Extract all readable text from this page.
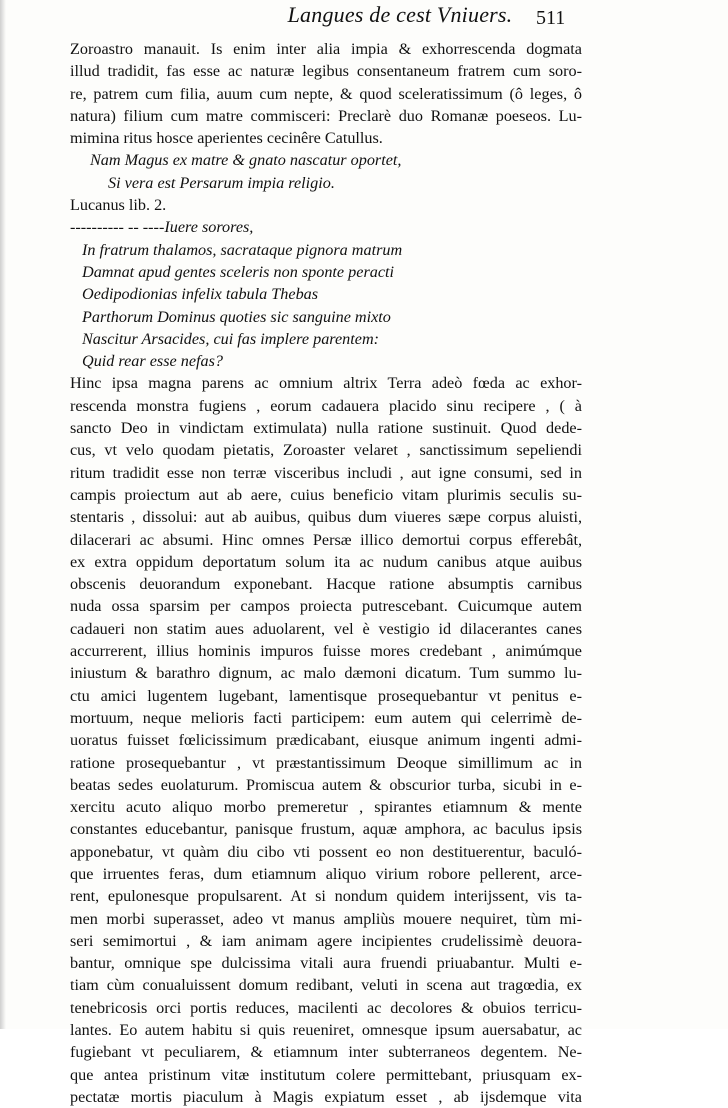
Langues de cest Vniuers.	511
Zoroastro manauit. Is enim inter alia impia & exhorrescenda dogmata
illud tradidit, fas esse ac naturæ legibus consentaneum fratrem cum soro-
re, patrem cum filia, auum cum nepte, & quod sceleratissimum (ô leges, ô
natura) filium cum matre commisceri: Preclarè duo Romanæ poeseos. Lu-
mimina ritus hosce aperientes cecinêre Catullus.
Nam Magus ex matre & gnato nascatur oportet,
Si vera est Persarum impia religio.
Lucanus lib. 2.
---------- -- ----Iuere sorores,
In fratrum thalamos, sacrataque pignora matrum
Damnat apud gentes sceleris non sponte peracti
Oedipodionias infelix tabula Thebas
Parthorum Dominus quoties sic sanguine mixto
Nascitur Arsacides, cui fas implere parentem:
Quid rear esse nefas?
Hinc ipsa magna parens ac omnium altrix Terra adeò fœda ac exhor-
rescenda monstra fugiens , eorum cadauera placido sinu recipere , ( à
sancto Deo in vindictam extimulata) nulla ratione sustinuit. Quod dede-
cus, vt velo quodam pietatis, Zoroaster velaret , sanctissimum sepeliendi
ritum tradidit esse non terræ visceribus includi , aut igne consumi, sed in
campis proiectum aut ab aere, cuius beneficio vitam plurimis seculis su-
stentaris , dissolui: aut ab auibus, quibus dum viueres sæpe corpus aluisti,
dilacerari ac absumi. Hinc omnes Persæ illico demortui corpus efferebât,
ex extra oppidum deportatum solum ita ac nudum canibus atque auibus
obscenis deuorandum exponebant. Hacque ratione absumptis carnibus
nuda ossa sparsim per campos proiecta putrescebant. Cuicumque autem
cadaueri non statim aues aduolarent, vel è vestigio id dilacerantes canes
accurrerent, illius hominis impuros fuisse mores credebant , animúmque
iniustum & barathro dignum, ac malo dæmoni dicatum. Tum summo lu-
ctu amici lugentem lugebant, lamentisque prosequebantur vt penitus e-
mortuum, neque melioris facti participem: eum autem qui celerrimè de-
uoratus fuisset fœlicissimum prædicabant, eiusque animum ingenti admi-
ratione prosequebantur , vt præstantissimum Deoque simillimum ac in
beatas sedes euolaturum. Promiscua autem & obscurior turba, sicubi in e-
xercitu acuto aliquo morbo premeretur , spirantes etiamnum & mente
constantes educebantur, panisque frustum, aquæ amphora, ac baculus ipsis
apponebatur, vt quàm diu cibo vti possent eo non destituerentur, baculó-
que irruentes feras, dum etiamnum aliquo virium robore pellerent, arce-
rent, epulonesque propulsarent. At si nondum quidem interijssent, vis ta-
men morbi superasset, adeo vt manus ampliùs mouere nequiret, tùm mi-
seri semimortui , & iam animam agere incipientes crudelissimè deuora-
bantur, omnique spe dulcissima vitali aura fruendi priuabantur. Multi e-
tiam cùm conualuissent domum redibant, veluti in scena aut tragœdia, ex
tenebricosis orci portis reduces, macilenti ac decolores & obuios terricu-
lantes. Eo autem habitu si quis reueniret, omnesque ipsum auersabatur, ac
fugiebant vt peculiarem, & etiamnum inter subterraneos degentem. Ne-
que antea pristinum vitæ institutum colere permittebant, priusquam ex-
pectatæ mortis piaculum à Magis expiatum esset , ab ijsdemque vita
